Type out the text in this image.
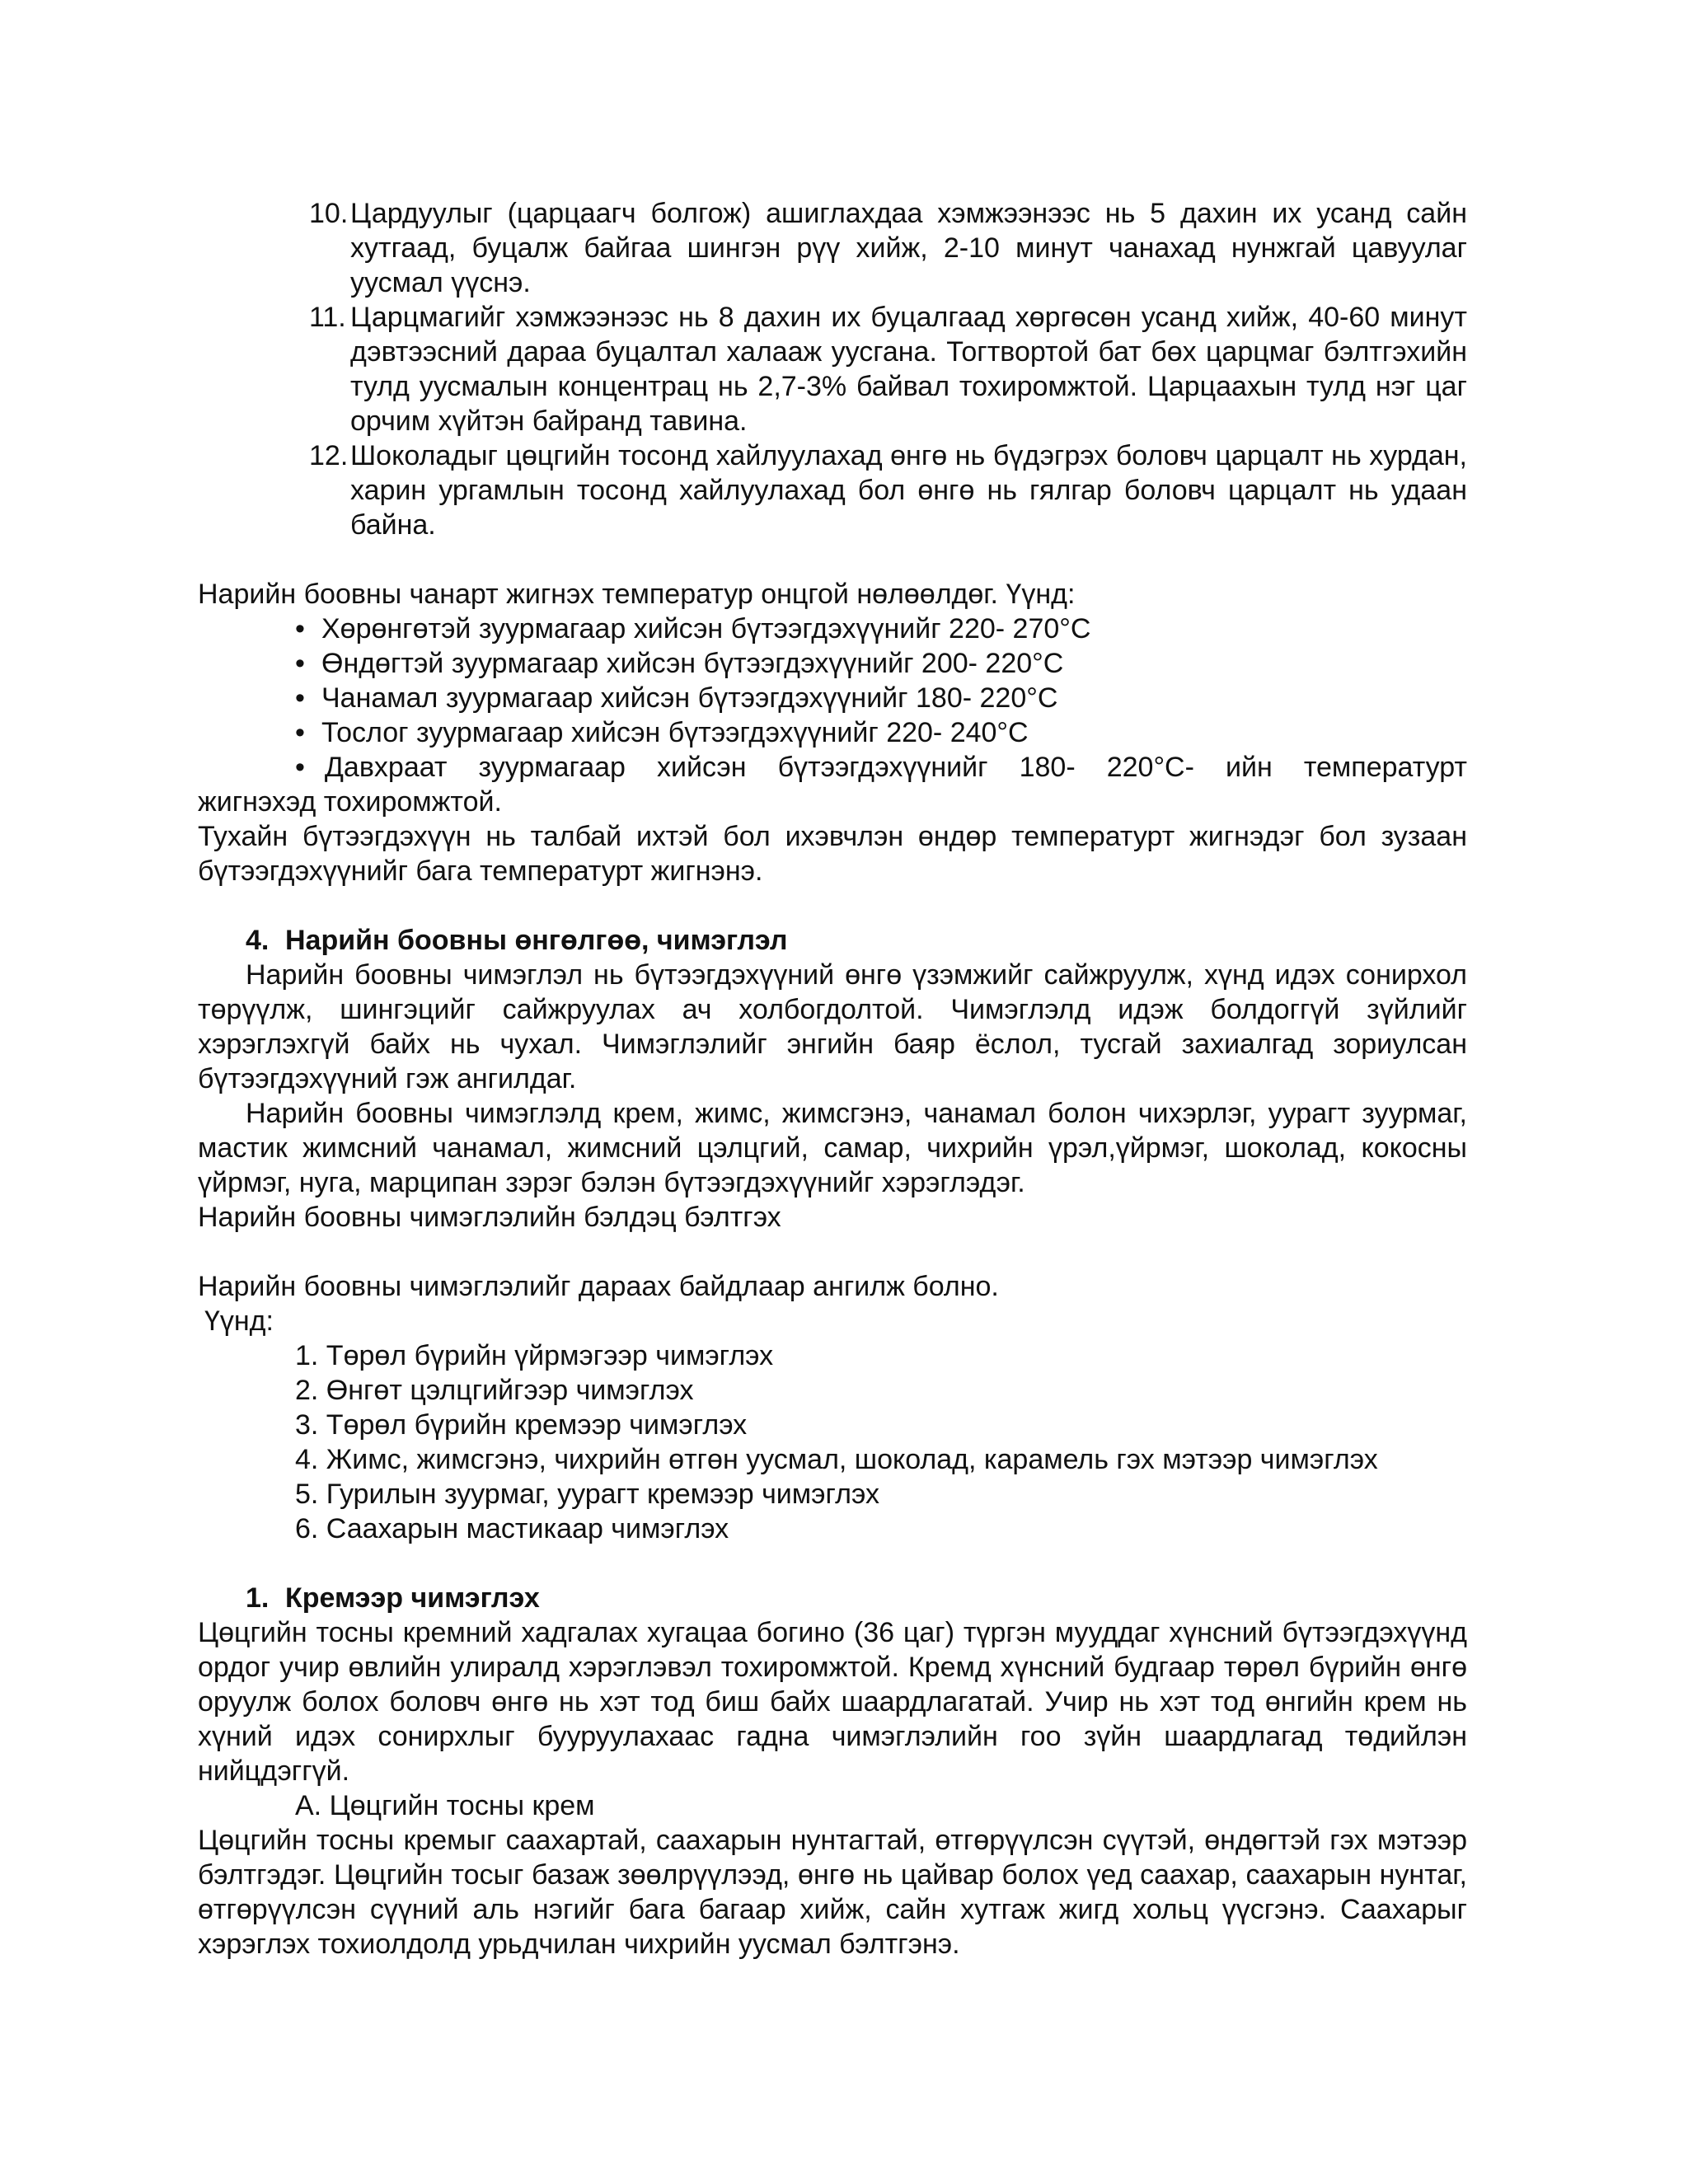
10. Цардуулыг (царцаагч болгож) ашиглахдаа хэмжээнээс нь 5 дахин их усанд сайн хутгаад, буцалж байгаа шингэн рүү хийж, 2-10 минут чанахад нунжгай цавуулаг уусмал үүснэ.

11. Царцмагийг хэмжээнээс нь 8 дахин их буцалгаад хөргөсөн усанд хийж, 40-60 минут дэвтээсний дараа буцалтал халааж уусгана. Тогтвортой бат бөх царцмаг бэлтгэхийн тулд уусмалын концентрац нь 2,7-3% байвал тохиромжтой. Царцаахын тулд нэг цаг орчим хүйтэн байранд тавина.

12. Шоколадыг цөцгийн тосонд хайлуулахад өнгө нь бүдэгрэх боловч царцалт нь хурдан, харин ургамлын тосонд хайлуулахад бол өнгө нь гялгар боловч царцалт нь удаан байна.

Нарийн боовны чанарт жигнэх температур онцгой нөлөөлдөг. Үүнд:

• Хөрөнгөтэй зуурмагаар хийсэн бүтээгдэхүүнийг 220- 270°С
• Өндөгтэй зуурмагаар хийсэн бүтээгдэхүүнийг 200- 220°С
• Чанамал зуурмагаар хийсэн бүтээгдэхүүнийг 180- 220°С
• Тослог зуурмагаар хийсэн бүтээгдэхүүнийг 220- 240°С

• Давхраат зуурмагаар хийсэн бүтээгдэхүүнийг 180- 220°С- ийн температурт

жигнэхэд тохиромжтой.

Тухайн бүтээгдэхүүн нь талбай ихтэй бол ихэвчлэн өндөр температурт жигнэдэг бол зузаан бүтээгдэхүүнийг бага температурт жигнэнэ.

4. Нарийн боовны өнгөлгөө, чимэглэл

Нарийн боовны чимэглэл нь бүтээгдэхүүний өнгө үзэмжийг сайжруулж, хүнд идэх сонирхол төрүүлж, шингэцийг сайжруулах ач холбогдолтой. Чимэглэлд идэж болдоггүй зүйлийг хэрэглэхгүй байх нь чухал. Чимэглэлийг энгийн баяр ёслол, тусгай захиалгад зориулсан бүтээгдэхүүний гэж ангилдаг.

Нарийн боовны чимэглэлд крем, жимс, жимсгэнэ, чанамал болон чихэрлэг, уурагт зуурмаг, мастик жимсний чанамал, жимсний цэлцгий, самар, чихрийн үрэл,үйрмэг, шоколад, кокосны үйрмэг, нуга, марципан зэрэг бэлэн бүтээгдэхүүнийг хэрэглэдэг.

Нарийн боовны чимэглэлийн бэлдэц бэлтгэх

Нарийн боовны чимэглэлийг дараах байдлаар ангилж болно.

Үүнд:

1. Төрөл бүрийн үйрмэгээр чимэглэх

2. Өнгөт цэлцгийгээр чимэглэх

3. Төрөл бүрийн кремээр чимэглэх

4. Жимс, жимсгэнэ, чихрийн өтгөн уусмал, шоколад, карамель гэх мэтээр чимэглэх

5. Гурилын зуурмаг, уурагт кремээр чимэглэх

6. Саахарын мастикаар чимэглэх

1. Кремээр чимэглэх

Цөцгийн тосны кремний хадгалах хугацаа богино (36 цаг) түргэн мууддаг хүнсний бүтээгдэхүүнд ордог учир өвлийн улиралд хэрэглэвэл тохиромжтой. Кремд хүнсний будгаар төрөл бүрийн өнгө оруулж болох боловч өнгө нь хэт тод биш байх шаардлагатай. Учир нь хэт тод өнгийн крем нь хүний идэх сонирхлыг бууруулахаас гадна чимэглэлийн гоо зүйн шаардлагад төдийлэн нийцдэггүй.

А. Цөцгийн тосны крем

Цөцгийн тосны кремыг саахартай, саахарын нунтагтай, өтгөрүүлсэн сүүтэй, өндөгтэй гэх мэтээр бэлтгэдэг. Цөцгийн тосыг базаж зөөлрүүлээд, өнгө нь цайвар болох үед саахар, саахарын нунтаг, өтгөрүүлсэн сүүний аль нэгийг бага багаар хийж, сайн хутгаж жигд хольц үүсгэнэ. Саахарыг хэрэглэх тохиолдолд урьдчилан чихрийн уусмал бэлтгэнэ.
